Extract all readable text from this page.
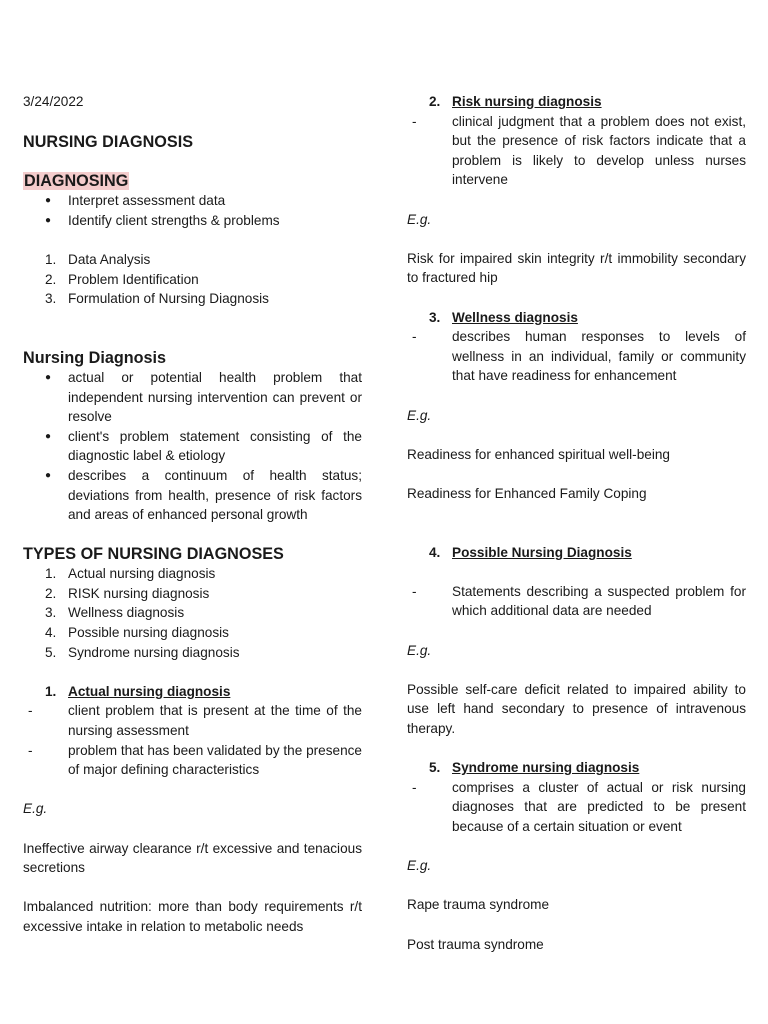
3/24/2022

NURSING DIAGNOSIS

DIAGNOSING

● Interpret assessment data
● Identify client strengths & problems
1. Data Analysis
2. Problem Identification
3. Formulation of Nursing Diagnosis

Nursing Diagnosis

● actual or potential health problem that independent nursing intervention can prevent or resolve
● client's problem statement consisting of the diagnostic label & etiology
● describes a continuum of health status; deviations from health, presence of risk factors and areas of enhanced personal growth

TYPES OF NURSING DIAGNOSES

1. Actual nursing diagnosis
2. RISK nursing diagnosis
3. Wellness diagnosis
4. Possible nursing diagnosis
5. Syndrome nursing diagnosis

1. Actual nursing diagnosis

-	client problem that is present at the time of the nursing assessment
-	problem that has been validated by the presence of major defining characteristics

E.g.

Ineffective airway clearance r/t excessive and tenacious secretions

Imbalanced nutrition: more than body requirements r/t excessive intake in relation to metabolic needs

2. Risk nursing diagnosis

-	clinical judgment that a problem does not exist, but the presence of risk factors indicate that a problem is likely to develop unless nurses intervene

E.g.

Risk for impaired skin integrity r/t immobility secondary to fractured hip

3. Wellness diagnosis

-	describes human responses to levels of wellness in an individual, family or community that have readiness for enhancement

E.g.

Readiness for enhanced spiritual well-being

Readiness for Enhanced Family Coping

4. Possible Nursing Diagnosis

-	Statements describing a suspected problem for which additional data are needed

E.g.

Possible self-care deficit related to impaired ability to use left hand secondary to presence of intravenous therapy.

5. Syndrome nursing diagnosis

-	comprises a cluster of actual or risk nursing diagnoses that are predicted to be present because of a certain situation or event

E.g.

Rape trauma syndrome

Post trauma syndrome
